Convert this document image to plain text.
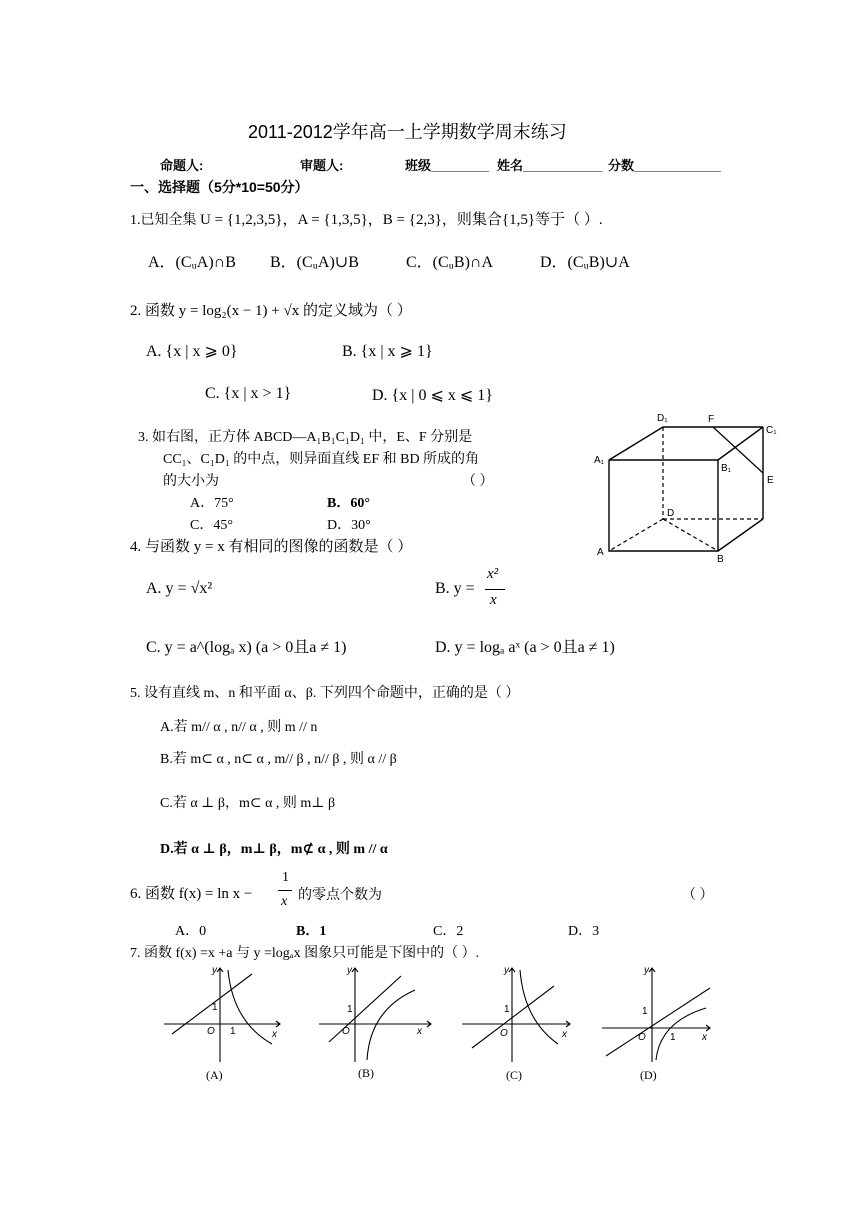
2011-2012学年高一上学期数学周末练习
命题人:	审题人:	班级________ 姓名___________ 分数____________
一、选择题（5分*10=50分）
1.已知全集 U = {1,2,3,5}，A = {1,3,5}，B = {2,3}，则集合{1,5}等于（ ）.
A．(CᵤA)∩B B．(CᵤA)∪B	C．(CᵤB)∩A	D．(CᵤB)∪A
2. 函数 y = log₂(x − 1) + √x 的定义域为（ ）
A. {x | x ⩾ 0}	B. {x | x ⩾ 1}
C. {x | x > 1}	D. {x | 0 ⩽ x ⩽ 1}
3. 如右图，正方体 ABCD—A₁B₁C₁D₁ 中，E、F 分别是
CC₁、C₁D₁ 的中点，则异面直线 EF 和 BD 所成的角
的大小为	（ ）
A．75°	B．60°
C．45°	D．30°
D₁	F
C₁
A₁
B₁
E
D
A
B
4. 与函数 y = x 有相同的图像的函数是（ ）
A. y = √x²	B. y =
x²
x
C. y = a^(logₐ x) (a > 0且a ≠ 1)	D. y = logₐ aˣ (a > 0且a ≠ 1)
5. 设有直线 m、n 和平面 α、β. 下列四个命题中，正确的是（ ）
A.若 m// α , n// α , 则 m // n
B.若 m⊂ α , n⊂ α , m// β , n// β , 则 α // β
C.若 α ⊥ β，m⊂ α , 则 m⊥ β
D.若 α ⊥ β，m⊥ β，m⊄ α , 则 m // α
6. 函数 f(x) = ln x −
1
x 的零点个数为	（ ）
A．0	B．1	C．2	D．3
7. 函数 f(x) =x +a 与 y =logₐx 图象只可能是下图中的（ ）.
y
x
O
1
1
(A)
y
x
O
1
(B)
y
x
O
1
(C)
y
x
O
1
1
(D)
